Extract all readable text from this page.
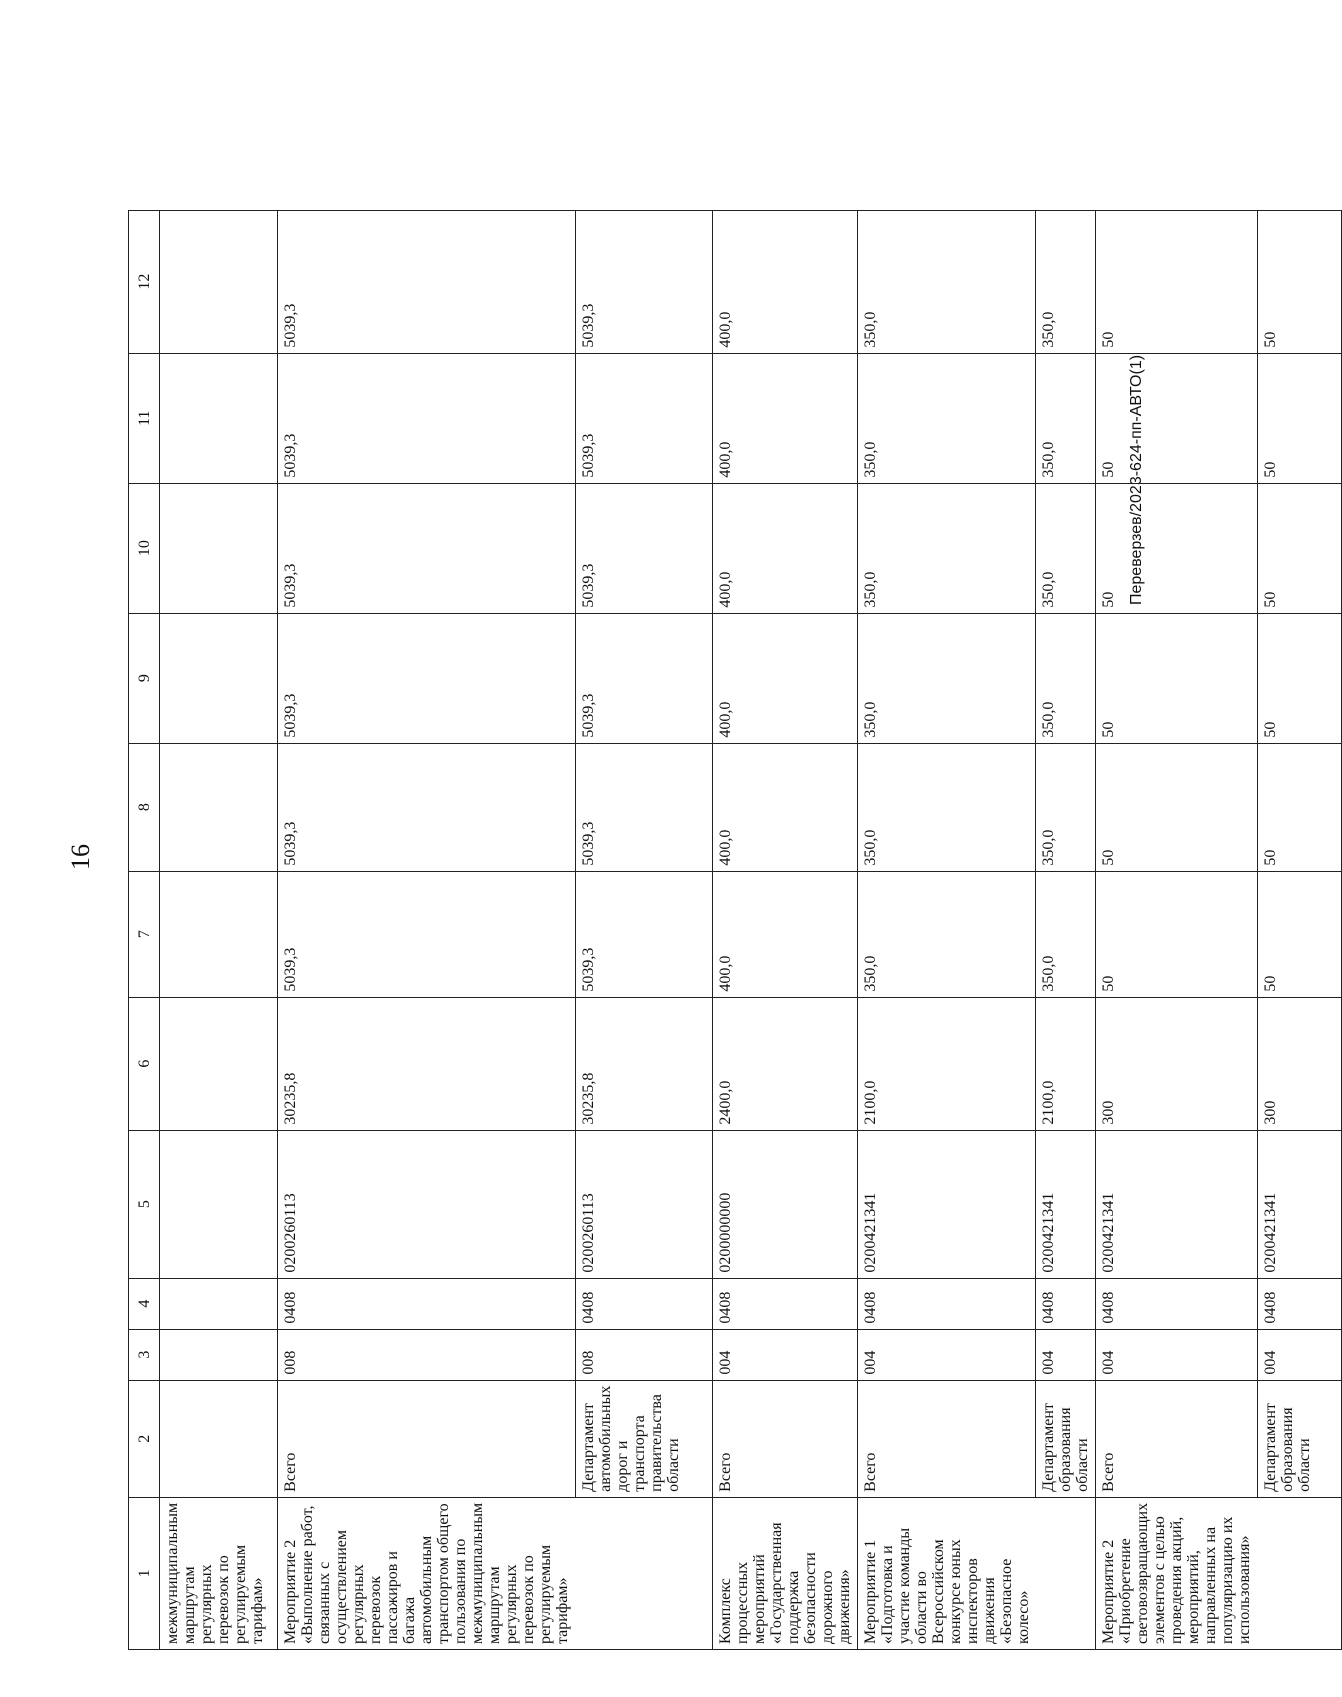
16
Переверзев/2023-624-пп-АВТО(1)
1	2	3	4	5	6	7	8	9	10	11	12
межмуниципальным маршрутам регулярных перевозок по регулируемым тарифам»											
Мероприятие 2 «Выполнение работ, связанных с осуществлением регулярных перевозок пассажиров и багажа автомобильным транспортом общего пользования по межмуниципальным маршрутам регулярных перевозок по регулируемым тарифам»	Всего	008	0408	0200260113	30235,8	5039,3	5039,3	5039,3	5039,3	5039,3	5039,3
	Департамент автомобильных дорог и транспорта правительства области	008	0408	0200260113	30235,8	5039,3	5039,3	5039,3	5039,3	5039,3	5039,3
Комплекс процессных мероприятий «Государственная поддержка безопасности дорожного движения»	Всего	004	0408	0200000000	2400,0	400,0	400,0	400,0	400,0	400,0	400,0
Мероприятие 1 «Подготовка и участие команды области во Всероссийском конкурсе юных инспекторов движения «Безопасное колесо»	Всего	004	0408	0200421341	2100,0	350,0	350,0	350,0	350,0	350,0	350,0
	Департамент образования области	004	0408	0200421341	2100,0	350,0	350,0	350,0	350,0	350,0	350,0
Мероприятие 2 «Приобретение световозвращающих элементов с целью проведения акций, мероприятий, направленных на популяризацию их использования»	Всего	004	0408	0200421341	300	50	50	50	50	50	50
	Департамент образования области	004	0408	0200421341	300	50	50	50	50	50	50
